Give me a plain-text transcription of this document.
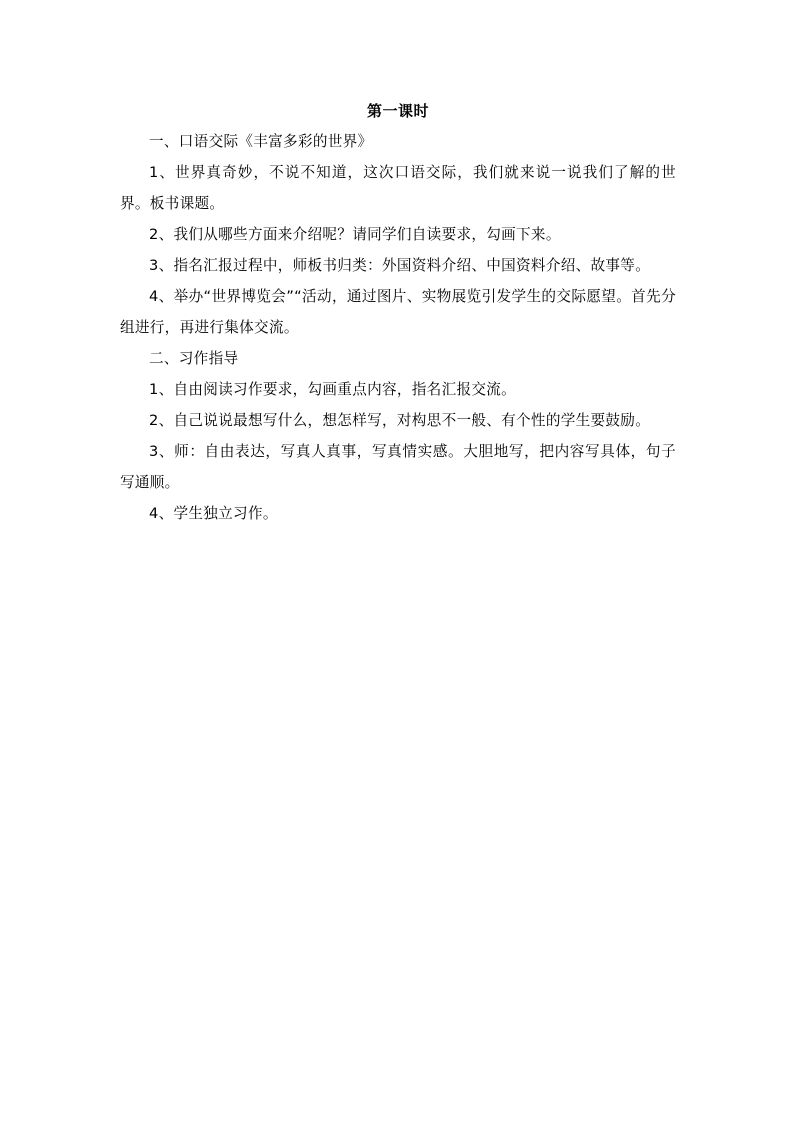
第一课时

一、口语交际《丰富多彩的世界》

1、世界真奇妙，不说不知道，这次口语交际，我们就来说一说我们了解的世界。板书课题。

2、我们从哪些方面来介绍呢？请同学们自读要求，勾画下来。

3、指名汇报过程中，师板书归类：外国资料介绍、中国资料介绍、故事等。

4、举办“世界博览会”“活动，通过图片、实物展览引发学生的交际愿望。首先分组进行，再进行集体交流。

二、习作指导

1、自由阅读习作要求，勾画重点内容，指名汇报交流。

2、自己说说最想写什么，想怎样写，对构思不一般、有个性的学生要鼓励。

3、师：自由表达，写真人真事，写真情实感。大胆地写，把内容写具体，句子写通顺。

4、学生独立习作。
